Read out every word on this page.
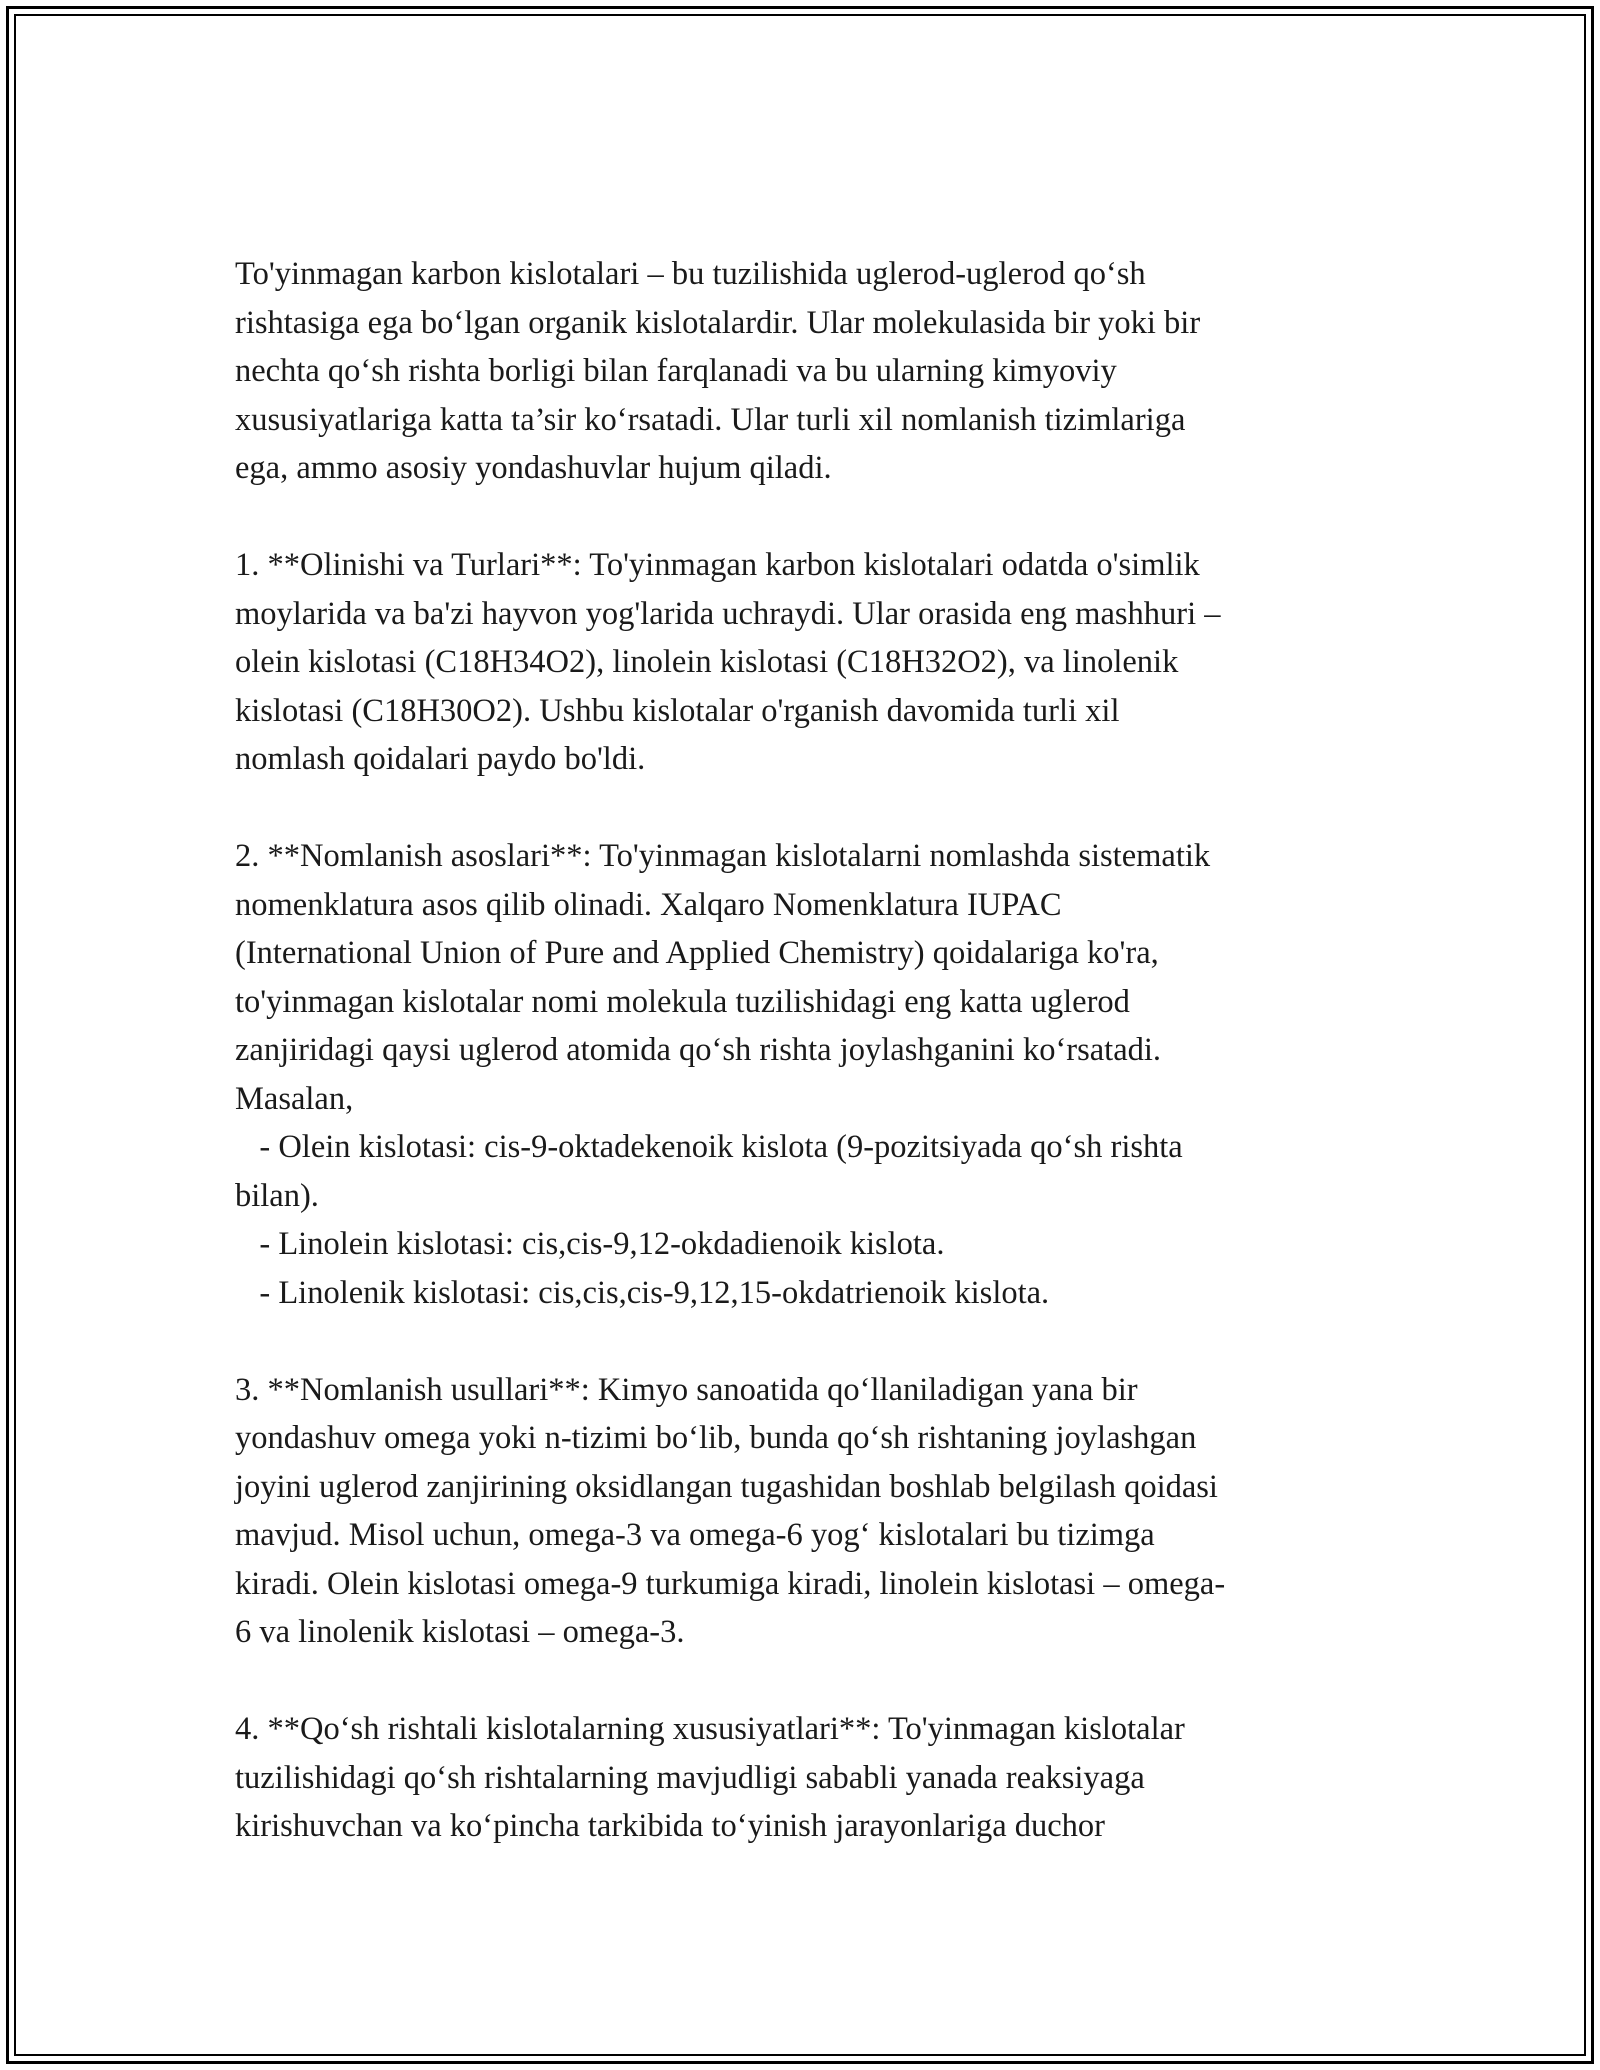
To'yinmagan karbon kislotalari – bu tuzilishida uglerod-uglerod qo‘sh
rishtasiga ega bo‘lgan organik kislotalardir. Ular molekulasida bir yoki bir
nechta qo‘sh rishta borligi bilan farqlanadi va bu ularning kimyoviy
xususiyatlariga katta ta’sir ko‘rsatadi. Ular turli xil nomlanish tizimlariga
ega, ammo asosiy yondashuvlar hujum qiladi.
1. **Olinishi va Turlari**: To'yinmagan karbon kislotalari odatda o'simlik
moylarida va ba'zi hayvon yog'larida uchraydi. Ular orasida eng mashhuri –
olein kislotasi (C18H34O2), linolein kislotasi (C18H32O2), va linolenik
kislotasi (C18H30O2). Ushbu kislotalar o'rganish davomida turli xil
nomlash qoidalari paydo bo'ldi.
2. **Nomlanish asoslari**: To'yinmagan kislotalarni nomlashda sistematik
nomenklatura asos qilib olinadi. Xalqaro Nomenklatura IUPAC
(International Union of Pure and Applied Chemistry) qoidalariga ko'ra,
to'yinmagan kislotalar nomi molekula tuzilishidagi eng katta uglerod
zanjiridagi qaysi uglerod atomida qo‘sh rishta joylashganini ko‘rsatadi.
Masalan,
- Olein kislotasi: cis-9-oktadekenoik kislota (9-pozitsiyada qo‘sh rishta
bilan).
- Linolein kislotasi: cis,cis-9,12-okdadienoik kislota.
- Linolenik kislotasi: cis,cis,cis-9,12,15-okdatrienoik kislota.
3. **Nomlanish usullari**: Kimyo sanoatida qo‘llaniladigan yana bir
yondashuv omega yoki n-tizimi bo‘lib, bunda qo‘sh rishtaning joylashgan
joyini uglerod zanjirining oksidlangan tugashidan boshlab belgilash qoidasi
mavjud. Misol uchun, omega-3 va omega-6 yog‘ kislotalari bu tizimga
kiradi. Olein kislotasi omega-9 turkumiga kiradi, linolein kislotasi – omega-
6 va linolenik kislotasi – omega-3.
4. **Qo‘sh rishtali kislotalarning xususiyatlari**: To'yinmagan kislotalar
tuzilishidagi qo‘sh rishtalarning mavjudligi sababli yanada reaksiyaga
kirishuvchan va ko‘pincha tarkibida to‘yinish jarayonlariga duchor
